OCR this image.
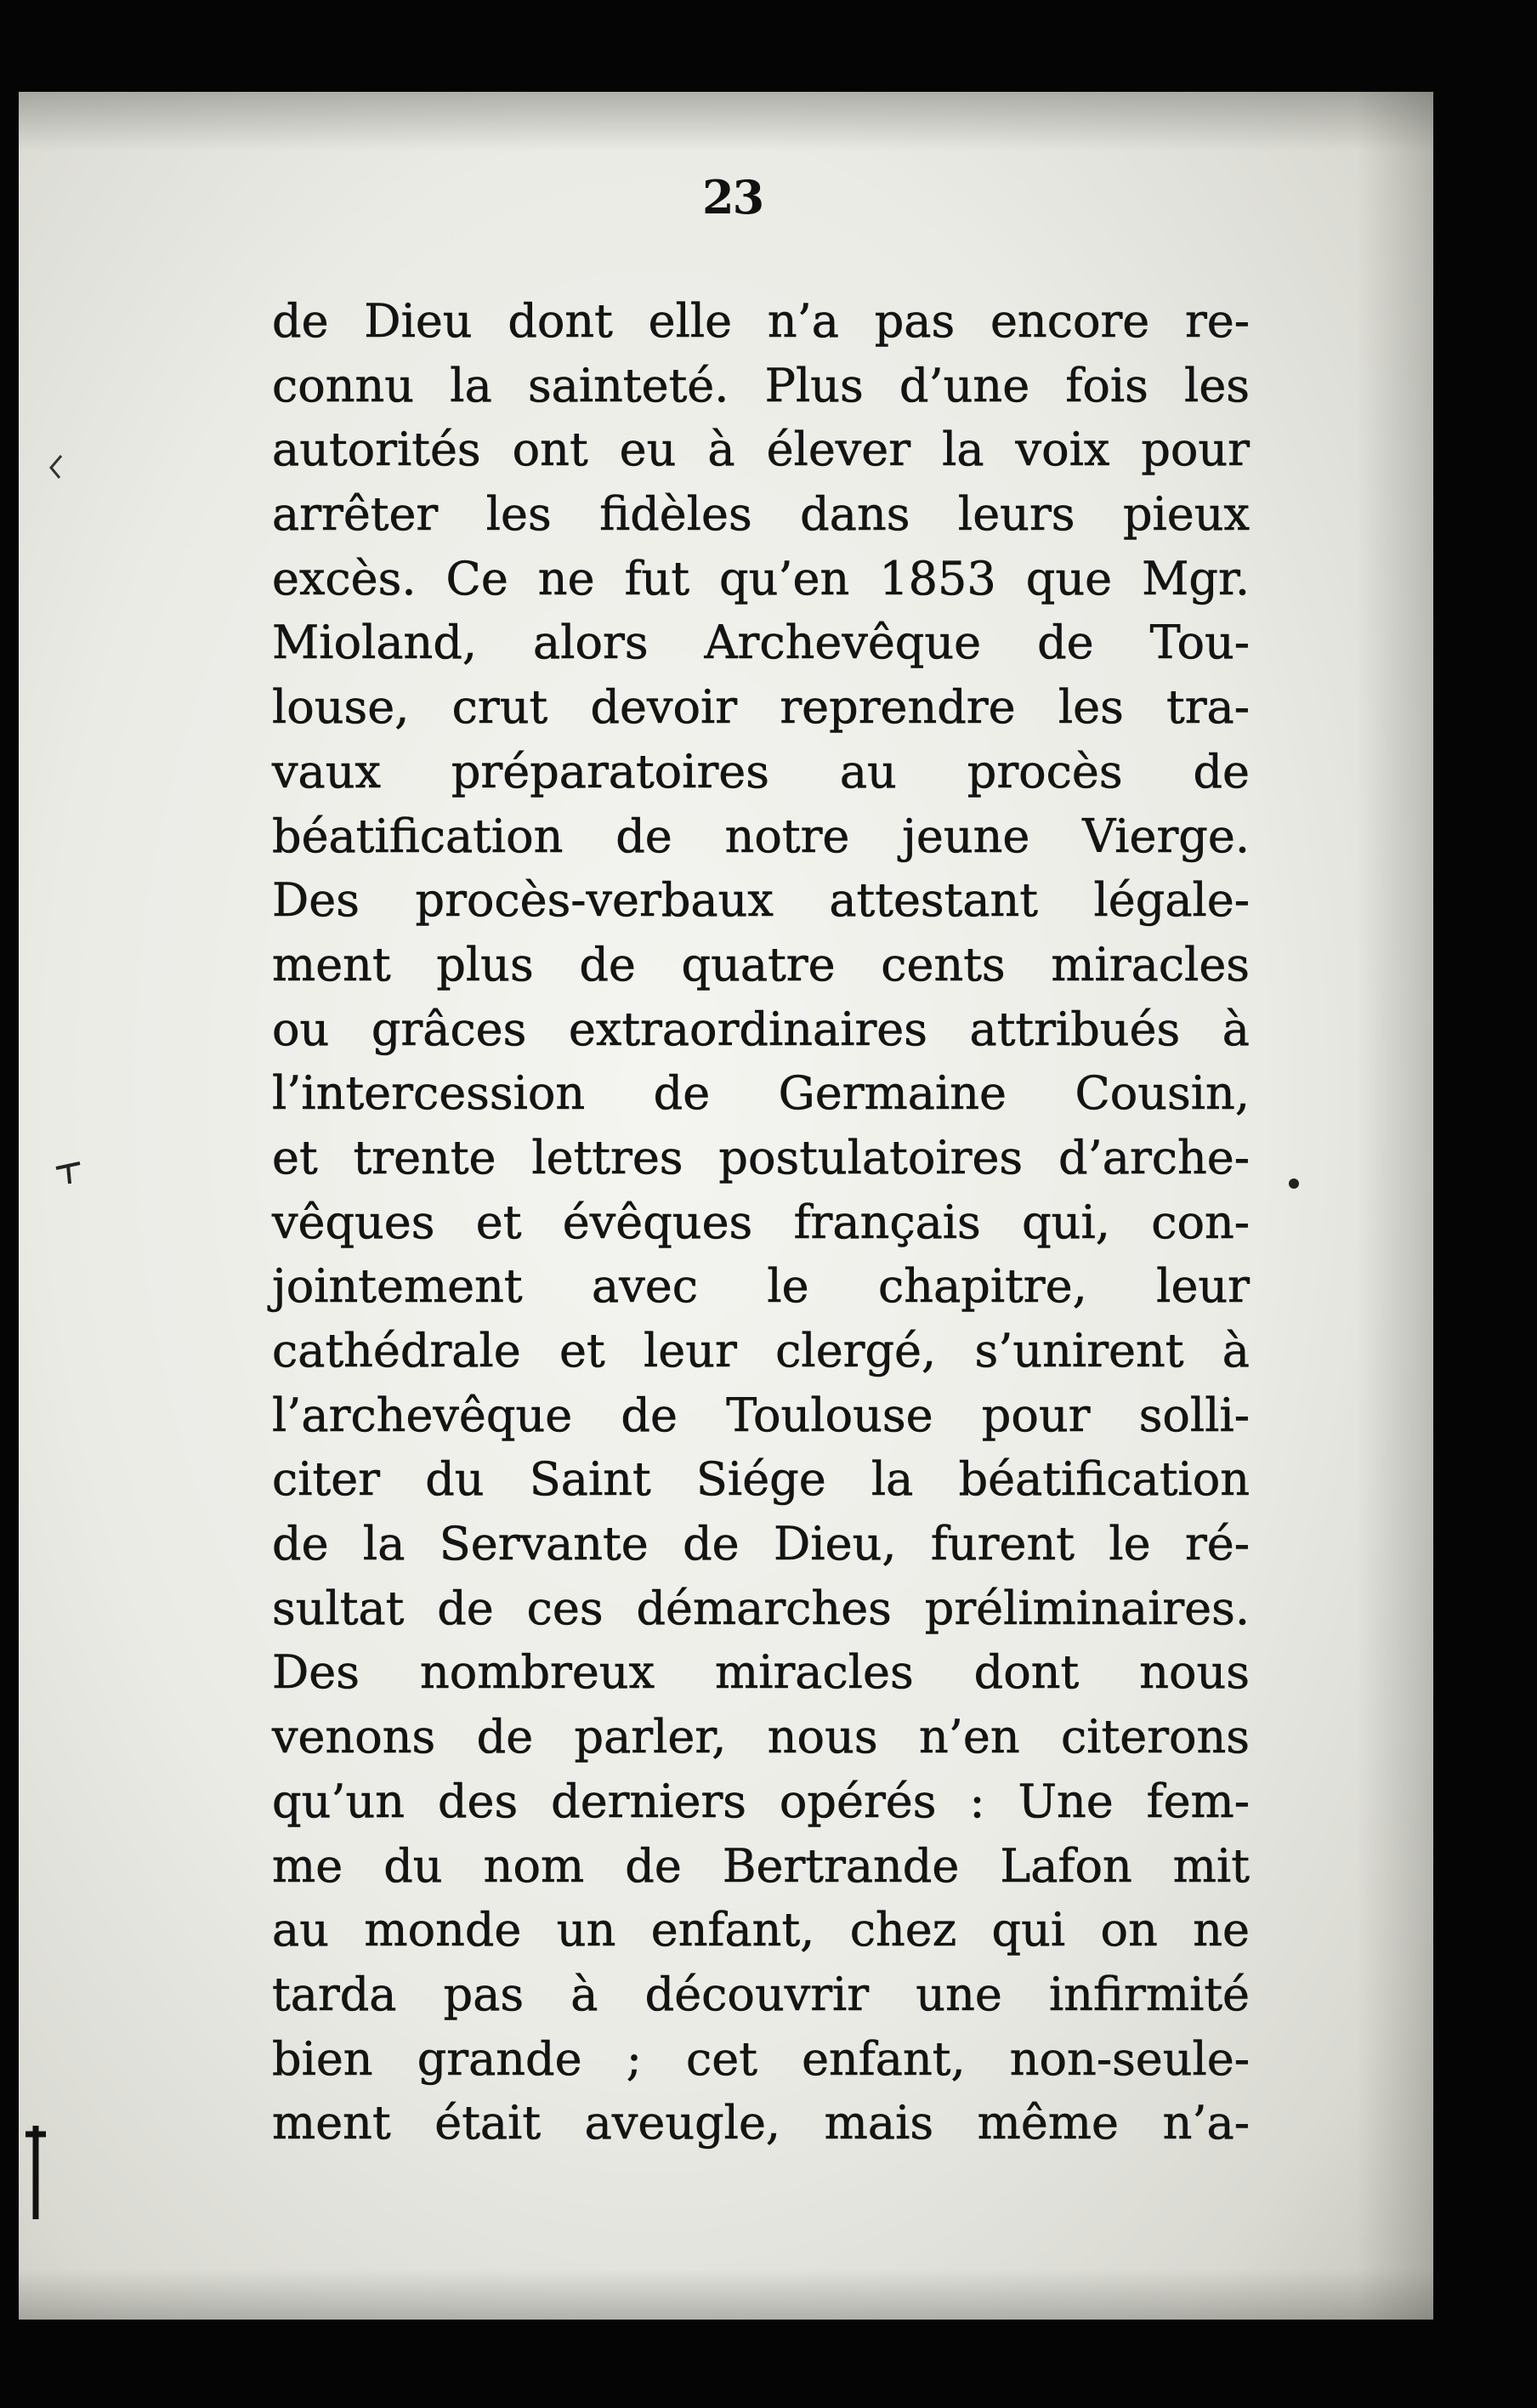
23
de Dieu dont elle n’a pas encore re-
connu la sainteté. Plus d’une fois les
autorités ont eu à élever la voix pour
arrêter les fidèles dans leurs pieux
excès. Ce ne fut qu’en 1853 que Mgr.
Mioland, alors Archevêque de Tou-
louse, crut devoir reprendre les tra-
vaux préparatoires au procès de
béatification de notre jeune Vierge.
Des procès-verbaux attestant légale-
ment plus de quatre cents miracles
ou grâces extraordinaires attribués à
l’intercession de Germaine Cousin,
et trente lettres postulatoires d’arche-
vêques et évêques français qui, con-
jointement avec le chapitre, leur
cathédrale et leur clergé, s’unirent à
l’archevêque de Toulouse pour solli-
citer du Saint Siége la béatification
de la Servante de Dieu, furent le ré-
sultat de ces démarches préliminaires.
Des nombreux miracles dont nous
venons de parler, nous n’en citerons
qu’un des derniers opérés : Une fem-
me du nom de Bertrande Lafon mit
au monde un enfant, chez qui on ne
tarda pas à découvrir une infirmité
bien grande ; cet enfant, non-seule-
ment était aveugle, mais même n’a-
